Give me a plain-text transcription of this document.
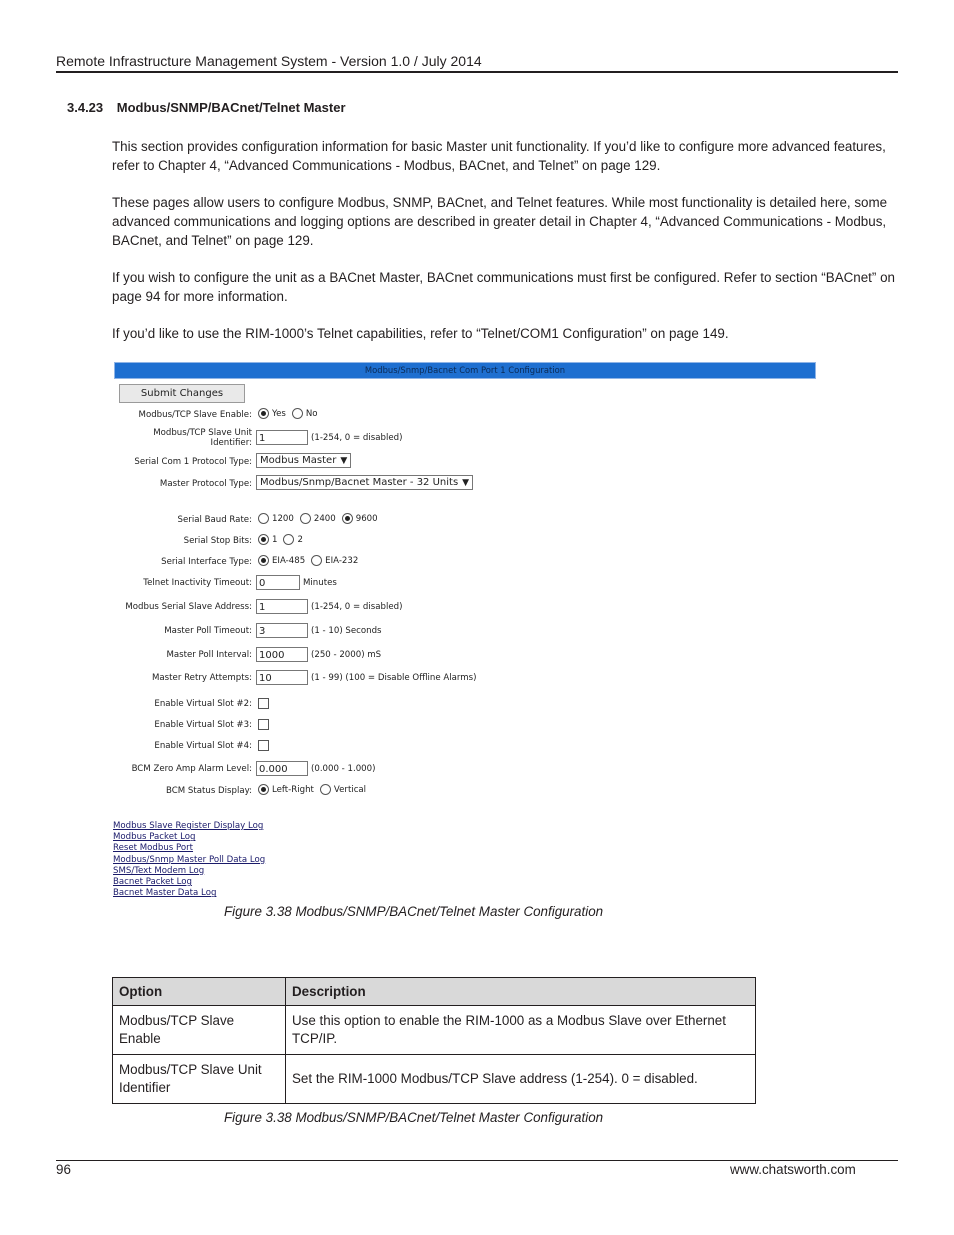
Remote Infrastructure Management System - Version 1.0 / July 2014
3.4.23 Modbus/SNMP/BACnet/Telnet Master
This section provides configuration information for basic Master unit functionality. If you’d like to configure more advanced features, refer to Chapter 4, “Advanced Communications - Modbus, BACnet, and Telnet” on page 129.
These pages allow users to configure Modbus, SNMP, BACnet, and Telnet features. While most functionality is detailed here, some advanced communications and logging options are described in greater detail in Chapter 4, “Advanced Communications - Modbus, BACnet, and Telnet” on page 129.
If you wish to configure the unit as a BACnet Master, BACnet communications must first be configured. Refer to section “BACnet” on page 94 for more information.
If you’d like to use the RIM-1000’s Telnet capabilities, refer to “Telnet/COM1 Configuration” on page 149.
Modbus/Snmp/Bacnet Com Port 1 Configuration
Submit Changes
Modbus/TCP Slave Enable: Yes No
Modbus/TCP Slave Unit
Identifier: 1	(1-254, 0 = disabled)
Serial Com 1 Protocol Type: Modbus Master ▼
Master Protocol Type: Modbus/Snmp/Bacnet Master - 32 Units ▼
Serial Baud Rate: 1200 2400 9600
Serial Stop Bits: 1 2
Serial Interface Type: EIA-485 EIA-232
Telnet Inactivity Timeout: 0	Minutes
Modbus Serial Slave Address: 1	(1-254, 0 = disabled)
Master Poll Timeout: 3	(1 - 10) Seconds
Master Poll Interval: 1000	(250 - 2000) mS
Master Retry Attempts: 10	(1 - 99) (100 = Disable Offline Alarms)
Enable Virtual Slot #2:
Enable Virtual Slot #3:
Enable Virtual Slot #4:
BCM Zero Amp Alarm Level: 0.000	(0.000 - 1.000)
BCM Status Display: Left-Right Vertical
Modbus Slave Register Display Log
Modbus Packet Log
Reset Modbus Port
Modbus/Snmp Master Poll Data Log
SMS/Text Modem Log
Bacnet Packet Log
Bacnet Master Data Log
Figure 3.38 Modbus/SNMP/BACnet/Telnet Master Configuration
Option	Description
Modbus/TCP Slave Enable	Use this option to enable the RIM-1000 as a Modbus Slave over Ethernet TCP/IP.
Modbus/TCP Slave Unit Identifier	Set the RIM-1000 Modbus/TCP Slave address (1-254). 0 = disabled.
Figure 3.38 Modbus/SNMP/BACnet/Telnet Master Configuration
96	www.chatsworth.com
